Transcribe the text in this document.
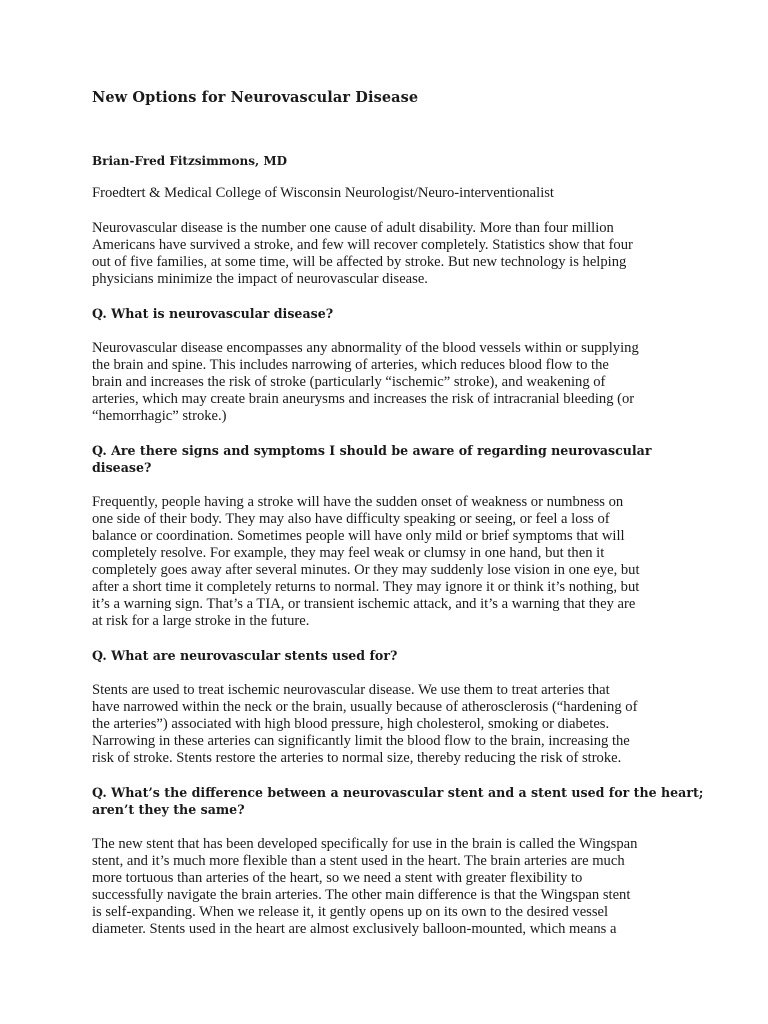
New Options for Neurovascular Disease

Brian-Fred Fitzsimmons, MD

Froedtert & Medical College of Wisconsin Neurologist/Neuro-interventionalist

Neurovascular disease is the number one cause of adult disability. More than four million
Americans have survived a stroke, and few will recover completely. Statistics show that four
out of five families, at some time, will be affected by stroke. But new technology is helping
physicians minimize the impact of neurovascular disease.

Q. What is neurovascular disease?

Neurovascular disease encompasses any abnormality of the blood vessels within or supplying
the brain and spine. This includes narrowing of arteries, which reduces blood flow to the
brain and increases the risk of stroke (particularly “ischemic” stroke), and weakening of
arteries, which may create brain aneurysms and increases the risk of intracranial bleeding (or
“hemorrhagic” stroke.)

Q. Are there signs and symptoms I should be aware of regarding neurovascular
disease?

Frequently, people having a stroke will have the sudden onset of weakness or numbness on
one side of their body. They may also have difficulty speaking or seeing, or feel a loss of
balance or coordination. Sometimes people will have only mild or brief symptoms that will
completely resolve. For example, they may feel weak or clumsy in one hand, but then it
completely goes away after several minutes. Or they may suddenly lose vision in one eye, but
after a short time it completely returns to normal. They may ignore it or think it’s nothing, but
it’s a warning sign. That’s a TIA, or transient ischemic attack, and it’s a warning that they are
at risk for a large stroke in the future.

Q. What are neurovascular stents used for?

Stents are used to treat ischemic neurovascular disease. We use them to treat arteries that
have narrowed within the neck or the brain, usually because of atherosclerosis (“hardening of
the arteries”) associated with high blood pressure, high cholesterol, smoking or diabetes.
Narrowing in these arteries can significantly limit the blood flow to the brain, increasing the
risk of stroke. Stents restore the arteries to normal size, thereby reducing the risk of stroke.

Q. What’s the difference between a neurovascular stent and a stent used for the heart;
aren’t they the same?

The new stent that has been developed specifically for use in the brain is called the Wingspan
stent, and it’s much more flexible than a stent used in the heart. The brain arteries are much
more tortuous than arteries of the heart, so we need a stent with greater flexibility to
successfully navigate the brain arteries. The other main difference is that the Wingspan stent
is self-expanding. When we release it, it gently opens up on its own to the desired vessel
diameter. Stents used in the heart are almost exclusively balloon-mounted, which means a
